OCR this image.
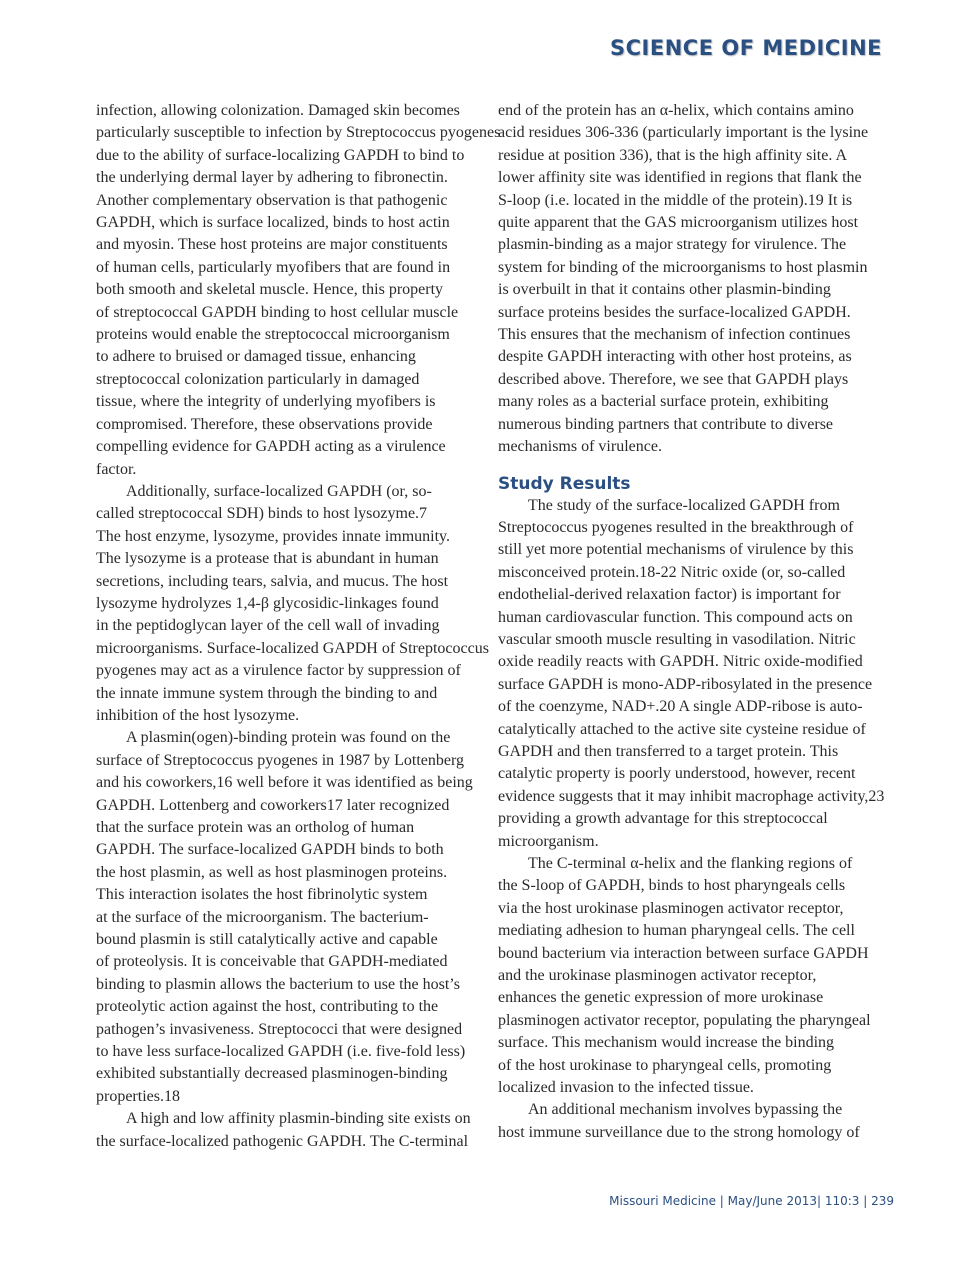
SCIENCE OF MEDICINE
infection, allowing colonization. Damaged skin becomes
particularly susceptible to infection by Streptococcus pyogenes
due to the ability of surface-localizing GAPDH to bind to
the underlying dermal layer by adhering to fibronectin.
Another complementary observation is that pathogenic
GAPDH, which is surface localized, binds to host actin
and myosin. These host proteins are major constituents
of human cells, particularly myofibers that are found in
both smooth and skeletal muscle. Hence, this property
of streptococcal GAPDH binding to host cellular muscle
proteins would enable the streptococcal microorganism
to adhere to bruised or damaged tissue, enhancing
streptococcal colonization particularly in damaged
tissue, where the integrity of underlying myofibers is
compromised. Therefore, these observations provide
compelling evidence for GAPDH acting as a virulence
factor.
Additionally, surface-localized GAPDH (or, so-
called streptococcal SDH) binds to host lysozyme.7
The host enzyme, lysozyme, provides innate immunity.
The lysozyme is a protease that is abundant in human
secretions, including tears, salvia, and mucus. The host
lysozyme hydrolyzes 1,4-β glycosidic-linkages found
in the peptidoglycan layer of the cell wall of invading
microorganisms. Surface-localized GAPDH of Streptococcus
pyogenes may act as a virulence factor by suppression of
the innate immune system through the binding to and
inhibition of the host lysozyme.
A plasmin(ogen)-binding protein was found on the
surface of Streptococcus pyogenes in 1987 by Lottenberg
and his coworkers,16 well before it was identified as being
GAPDH. Lottenberg and coworkers17 later recognized
that the surface protein was an ortholog of human
GAPDH. The surface-localized GAPDH binds to both
the host plasmin, as well as host plasminogen proteins.
This interaction isolates the host fibrinolytic system
at the surface of the microorganism. The bacterium-
bound plasmin is still catalytically active and capable
of proteolysis. It is conceivable that GAPDH-mediated
binding to plasmin allows the bacterium to use the host’s
proteolytic action against the host, contributing to the
pathogen’s invasiveness. Streptococci that were designed
to have less surface-localized GAPDH (i.e. five-fold less)
exhibited substantially decreased plasminogen-binding
properties.18
A high and low affinity plasmin-binding site exists on
the surface-localized pathogenic GAPDH. The C-terminal
end of the protein has an α-helix, which contains amino
acid residues 306-336 (particularly important is the lysine
residue at position 336), that is the high affinity site. A
lower affinity site was identified in regions that flank the
S-loop (i.e. located in the middle of the protein).19 It is
quite apparent that the GAS microorganism utilizes host
plasmin-binding as a major strategy for virulence. The
system for binding of the microorganisms to host plasmin
is overbuilt in that it contains other plasmin-binding
surface proteins besides the surface-localized GAPDH.
This ensures that the mechanism of infection continues
despite GAPDH interacting with other host proteins, as
described above. Therefore, we see that GAPDH plays
many roles as a bacterial surface protein, exhibiting
numerous binding partners that contribute to diverse
mechanisms of virulence.
Study Results
The study of the surface-localized GAPDH from
Streptococcus pyogenes resulted in the breakthrough of
still yet more potential mechanisms of virulence by this
misconceived protein.18-22 Nitric oxide (or, so-called
endothelial-derived relaxation factor) is important for
human cardiovascular function. This compound acts on
vascular smooth muscle resulting in vasodilation. Nitric
oxide readily reacts with GAPDH. Nitric oxide-modified
surface GAPDH is mono-ADP-ribosylated in the presence
of the coenzyme, NAD+.20 A single ADP-ribose is auto-
catalytically attached to the active site cysteine residue of
GAPDH and then transferred to a target protein. This
catalytic property is poorly understood, however, recent
evidence suggests that it may inhibit macrophage activity,23
providing a growth advantage for this streptococcal
microorganism.
The C-terminal α-helix and the flanking regions of
the S-loop of GAPDH, binds to host pharyngeals cells
via the host urokinase plasminogen activator receptor,
mediating adhesion to human pharyngeal cells. The cell
bound bacterium via interaction between surface GAPDH
and the urokinase plasminogen activator receptor,
enhances the genetic expression of more urokinase
plasminogen activator receptor, populating the pharyngeal
surface. This mechanism would increase the binding
of the host urokinase to pharyngeal cells, promoting
localized invasion to the infected tissue.
An additional mechanism involves bypassing the
host immune surveillance due to the strong homology of
Missouri Medicine | May/June 2013| 110:3 | 239
